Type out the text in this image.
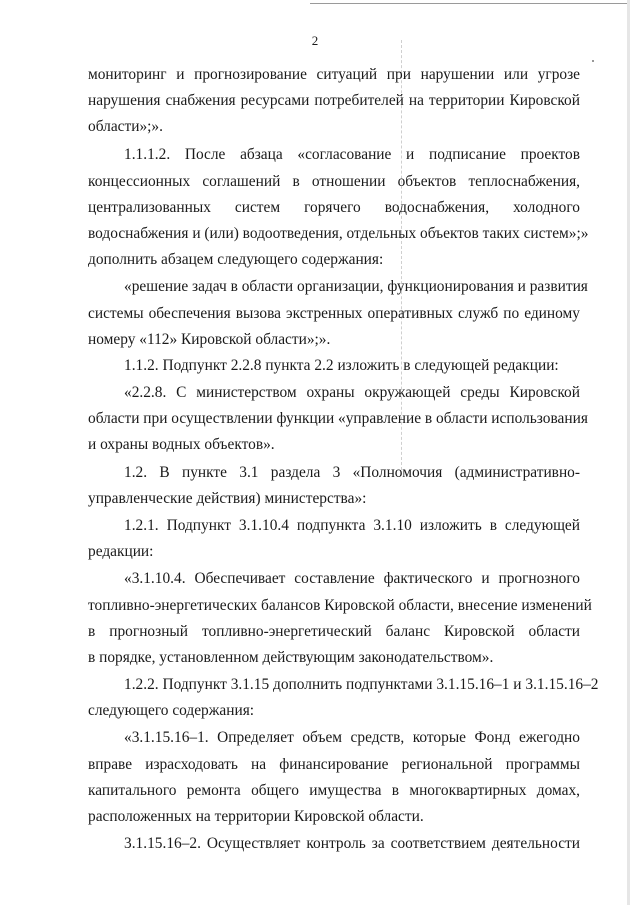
2
мониторинг и прогнозирование ситуаций при нарушении или угрозе
нарушения снабжения ресурсами потребителей на территории Кировской
области»;».
1.1.1.2. После абзаца «согласование и подписание проектов
концессионных соглашений в отношении объектов теплоснабжения,
централизованных систем горячего водоснабжения, холодного
водоснабжения и (или) водоотведения, отдельных объектов таких систем»;»
дополнить абзацем следующего содержания:
«решение задач в области организации, функционирования и развития
системы обеспечения вызова экстренных оперативных служб по единому
номеру «112» Кировской области»;».
1.1.2. Подпункт 2.2.8 пункта 2.2 изложить в следующей редакции:
«2.2.8. С министерством охраны окружающей среды Кировской
области при осуществлении функции «управление в области использования
и охраны водных объектов».
1.2. В пункте 3.1 раздела 3 «Полномочия (административно-
управленческие действия) министерства»:
1.2.1. Подпункт 3.1.10.4 подпункта 3.1.10 изложить в следующей
редакции:
«3.1.10.4. Обеспечивает составление фактического и прогнозного
топливно-энергетических балансов Кировской области, внесение изменений
в прогнозный топливно-энергетический баланс Кировской области
в порядке, установленном действующим законодательством».
1.2.2. Подпункт 3.1.15 дополнить подпунктами 3.1.15.16–1 и 3.1.15.16–2
следующего содержания:
«3.1.15.16–1. Определяет объем средств, которые Фонд ежегодно
вправе израсходовать на финансирование региональной программы
капитального ремонта общего имущества в многоквартирных домах,
расположенных на территории Кировской области.
3.1.15.16–2. Осуществляет контроль за соответствием деятельности
